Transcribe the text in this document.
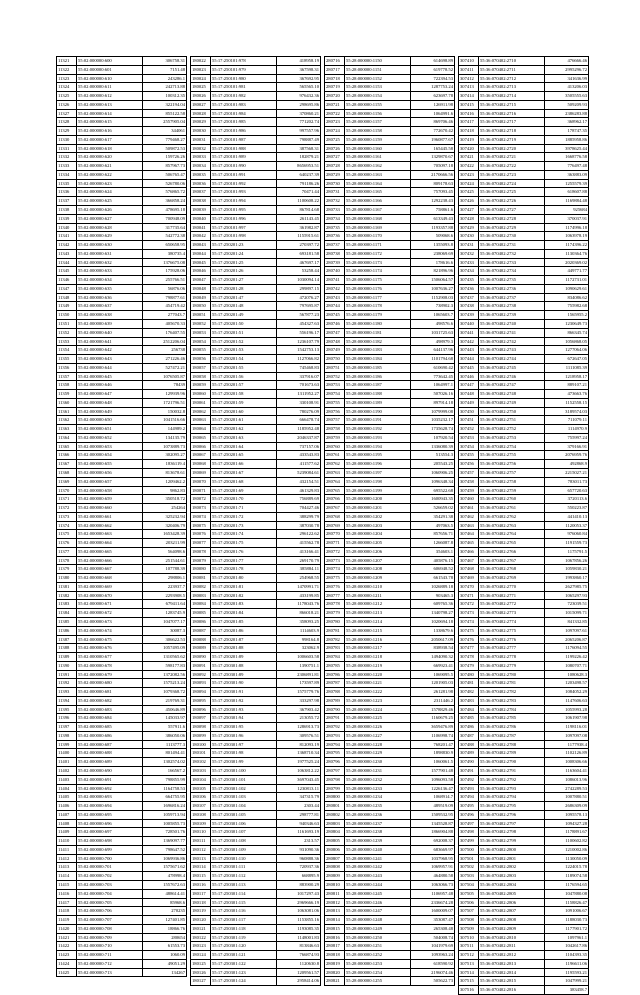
11321	55:02:000000:600	306758.31
11322	55:02:000000:601	7151.48
11323	55:02:000000:610	243286.1
11324	55:02:000000:611	242713.88
11325	55:02:000000:612	100312.35
11326	55:02:000000:613	322194.04
11327	55:02:000000:614	855122.58
11328	55:02:000000:615	2557905.04
11329	55:02:000000:616	344061
11330	55:02:000000:617	779468.27
11331	55:02:000000:618	509872.53
11332	55:02:000000:620	159726.26
11333	55:02:000000:621	857967.73
11334	55:02:000000:622	506765.47
11335	55:02:000000:623	526780.06
11336	55:02:000000:624	576865.72
11337	55:02:000000:625	366858.24
11338	55:02:000000:626	478695.18
11339	55:02:000000:627	700948.09
11340	55:02:000000:628	317735.64
11341	55:02:000000:629	542772.38
11342	55:02:000000:630	650658.95
11343	55:02:000000:631	380735.4
11344	55:02:000000:632	1376675.08
11345	55:02:000000:633	175928.06
11346	55:02:000000:634	255766.51
11347	55:02:000000:635	56876.06
11348	55:02:000000:636	798877.61
11349	55:02:000000:637	454719.42
11350	55:02:000000:638	277043.7
11351	55:02:000000:639	405670.33
11352	55:02:000000:640	176407.55
11353	55:02:000000:641	2512206.04
11354	55:02:000000:642	256738
11355	55:02:000000:643	271226.46
11356	55:02:000000:644	527472.21
11357	55:02:000000:645	1076505.87
11358	55:02:000000:646	78439
11359	55:02:000000:647	129939.96
11360	55:02:000000:648	1721796.51
11361	55:02:000000:649	150032.8
11362	55:02:000000:650	1041516.66
11363	55:02:000000:651	144989.2
11364	55:02:000000:652	134135.79
11365	55:02:000000:653	1073889.73
11366	55:02:000000:654	302095.27
11367	55:02:000000:655	1836119.4
11368	55:02:000000:656	813678.61
11369	55:02:000000:657	1209462.2
11370	55:02:000000:658	9862.83
11371	55:02:000000:659	350518.72
11372	55:02:000000:660	254264
11373	55:02:000000:661	325232.94
11374	55:02:000000:662	320406.79
11375	55:02:000000:663	1653428.39
11376	55:02:000000:664	203211.99
11377	55:02:000000:665	564098.6
11378	55:02:000000:666	251544.61
11379	55:02:000000:667	107788.39
11380	55:02:000000:668	298806.1
11381	55:02:000000:669	223937.7
11382	55:02:000000:670	2293908.5
11383	55:02:000000:671	679411.64
11384	55:02:000000:672	1283745.9
11385	55:02:000000:673	1047077.17
11386	55:02:000000:674	30087.3
11387	55:02:000000:675	306622.53
11388	55:02:000000:676	1057495.09
11389	55:02:000000:677	1310565.62
11390	55:02:000000:678	598177.83
11391	55:02:000000:679	1372082.56
11392	55:02:000000:680	1575213.24
11393	55:02:000000:681	1079368.72
11394	55:02:000000:682	219769.31
11395	55:02:000000:683	450646.89
11396	55:02:000000:684	145033.97
11397	55:02:000000:685	557911.6
11398	55:02:000000:686	386050.06
11399	55:02:000000:687	1113777.3
11400	55:02:000000:688	801494.41
11401	55:02:000000:689	1302574.02
11402	55:02:000000:690	166567.2
11403	55:02:000000:691	798855.99
11404	55:02:000000:692	1164758.53
11405	55:02:000000:693	664755.95
11406	55:02:000000:694	1696816.24
11407	55:02:000000:695	1059713.94
11408	55:02:000000:696	1005855.73
11409	55:02:000000:697	728501.76
11410	55:02:000000:698	1369097.77
11411	55:02:000000:699	798647.52
11412	55:02:000000:700	1069936.86
11413	55:02:000000:701	1575671.62
11414	55:02:000000:702	478998.4
11415	55:02:000000:703	1557672.63
11416	55:02:000000:704	488614.41
11417	55:02:000000:705	85968.6
11418	55:02:000000:706	270235
11419	55:02:000000:707	127401.85
11420	55:02:000000:708	18866.76
11421	55:02:000000:709	280654
11422	55:02:000000:710	61553.73
11423	55:02:000000:711	1060.09
11424	55:02:000000:712	49051.29
11425	55:02:000000:713	134267
180022	55:17:250101:978	418958.19
180023	55:17:250101:979	367598.31
180024	55:17:250101:980	367692.95
180025	55:17:250101:981	565565.10
180026	55:17:250101:982	976432.36
180027	55:17:250101:983	298695.86
180028	55:17:250101:984	370860.21
180029	55:17:250101:985	771202.74
180030	55:17:250101:986	997557.96
180031	55:17:250101:987	798887.49
180032	55:17:250101:988	387568.31
180033	55:17:250101:989	182879.21
180034	55:17:250101:990	8656953.51
180035	55:17:250101:991	640237.39
180036	55:17:250101:992	791186.26
180037	55:17:250101:993	70471.44
180038	55:17:250101:994	1100608.22
180039	55:17:250101:995	867814.68
180040	55:17:250101:996	261143.45
180041	55:17:250101:997	361982.87
180042	55:17:250101:998	1155915.61
180043	55:17:250201:23	270397.72
180044	55:17:250201:24	693181.58
180045	55:17:250201:25	467697.17
180046	55:17:250201:26	53258.44
180047	55:17:250201:27	1030094.14
180048	55:17:250201:28	299897.15
180049	55:17:250201:47	472076.27
180050	55:17:250201:48	797695.87
180051	55:17:250201:49	567877.23
180052	55:17:250201:50	454327.63
180053	55:17:250201:51	556196.17
180054	55:17:250201:52	1236107.79
180055	55:17:250201:53	1542753.13
180056	55:17:250201:54	1127066.82
180057	55:17:250201:55	745468.83
180058	55:17:250201:56	337916.07
180059	55:17:250201:57	701673.63
180060	55:17:250201:58	1311952.27
180061	55:17:250201:59	330108.91
180062	55:17:250201:60	780276.09
180063	55:17:250201:61	666478.74
180064	55:17:250201:62	1185952.48
180065	55:17:250201:63	2046337.87
180066	55:17:250201:64	737157.06
180067	55:17:250201:65	433543.83
180068	55:17:250201:66	411577.62
180069	55:17:250201:67	5239084.61
180070	55:17:250201:68	432154.51
180071	55:17:250201:69	461329.83
180072	55:17:250201:70	756889.69
180073	55:17:250201:71	704427.46
180074	55:17:250201:72	388299.79
180075	55:17:250201:73	387030.78
180076	55:17:250201:74	296122.62
180077	55:17:250201:75	415562.78
180078	55:17:250201:76	413166.41
180079	55:17:250201:77	269170.79
180080	55:17:250201:78	385884.11
180081	55:17:250201:80	254968.55
180082	55:17:250201:81	1470991.71
180083	55:17:250201:82	433199.85
180084	55:17:250201:83	1178043.76
180085	55:17:250201:84	866018.21
180086	55:17:250201:85	358093.25
180087	55:17:250201:86	1114603.9
180088	55:17:250201:87	998164.8
180089	55:17:250201:88	323062.9
180090	55:17:250201:89	1006603.58
180091	55:17:250301:88	1390751.1
180092	55:17:250301:89	2306891.81
180093	55:17:250301:90	173597.89
180094	55:17:250301:91	1575779.76
180095	55:17:250301:92	333297.98
180096	55:17:250301:93	367903.42
180097	55:17:250301:94	213055.72
180098	55:17:250301:95	1286913.73
180099	55:17:250301:96	309576.51
180100	55:17:250301:97	812093.19
180101	55:17:250301:98	1368710.34
180102	55:17:250301:99	1977525.24
180103	55:17:250301:100	1063812.22
180104	55:17:250301:101	3697043.45
180105	55:17:250301:102	1230813.11
180106	55:17:250301:103	347315.79
180107	55:17:250301:104	2303.44
180108	55:17:250301:105	298777.81
180109	55:17:250301:106	940346.63
180110	55:17:250301:107	1161693.19
180111	55:17:250301:108	2313.57
180112	55:17:250301:109	931090.36
180113	55:17:250301:110	960888.36
180114	55:17:250301:111	720937.36
180115	55:17:250301:112	668895.9
180116	55:17:250301:113	883900.29
180117	55:17:250301:114	1017297.43
180118	55:17:250301:115	2969666.19
180119	55:17:250301:116	1063081.06
180120	55:17:250301:117	1153855.16
180121	55:17:250301:118	1193085.35
180122	55:17:250301:119	1148001.83
180123	55:17:250301:120	813846.63
180124	55:17:250301:121	766874.93
180125	55:17:250301:122	1120630.8
180126	55:17:250301:123	1209561.57
180127	55:17:250301:124	2958414.06
280716	55:28:000000:1150	614698.89
280717	55:28:000000:1151	619778.52
280718	55:28:000000:1152	722394.53
280719	55:28:000000:1153	1287753.24
280720	55:28:000000:1154	623697.78
280721	55:28:000000:1155	126911.98
280722	55:28:000000:1156	1064991.6
280723	55:28:000000:1157	869706.46
280724	55:28:000000:1158	772670.42
280725	55:28:000000:1159	1960877.67
280726	55:28:000000:1160	165445.58
280727	55:28:000000:1161	1329870.67
280728	55:28:000000:1162	705097.18
280729	55:28:000000:1163	2170666.56
280730	55:28:000000:1164	809178.63
280731	55:28:000000:1165	757093.45
280732	55:28:000000:1166	1292238.43
280733	55:28:000000:1167	758861.6
280734	55:28:000000:1168	613349.43
280735	55:28:000000:1169	1193357.88
280736	55:28:000000:1170	509068.6
280737	55:28:000000:1171	1355093.8
280738	55:28:000000:1172	238069.69
280739	55:28:000000:1173	178616.6
280740	55:28:000000:1174	821896.96
280741	55:28:000000:1175	1506064.57
280742	55:28:000000:1176	1007636.27
280743	55:28:000000:1177	1152908.03
280744	55:28:000000:1178	738902.3
280745	55:28:000000:1179	1065603.7
280746	55:28:000000:1180	498576.6
280747	55:28:000000:1181	1031725.63
280748	55:28:000000:1182	498979.3
280749	55:28:000000:1183	644137.96
280750	55:28:000000:1184	1101794.68
280751	55:28:000000:1185	610690.42
280752	55:28:000000:1186	773642.45
280753	55:28:000000:1187	1064997.1
280754	55:28:000000:1188	507026.16
280755	55:28:000000:1189	897914.18
280756	55:28:000000:1190	1079999.08
280757	55:28:000000:1191	1035232.17
280758	55:28:000000:1192	1735628.74
280759	55:28:000000:1193	107920.54
280760	55:28:000000:1194	1336080.39
280761	55:28:000000:1195	513554.3
280762	55:28:000000:1196	205543.25
280763	55:28:000000:1197	1060906.25
280764	55:28:000000:1198	1096348.34
280765	55:28:000000:1199	695522.68
280766	55:28:000000:1200	1600943.35
280767	55:28:000000:1201	526659.02
280768	55:28:000000:1202	354291.38
280769	55:28:000000:1203	497063.5
280770	55:28:000000:1204	857656.71
280771	55:28:000000:1205	1266087.8
280772	55:28:000000:1206	354603.1
280773	55:28:000000:1207	405876.15
280774	55:28:000000:1208	606948.52
280775	55:28:000000:1209	661543.78
280776	55:28:000000:1210	1026889.18
280777	55:28:000000:1211	903465.3
280778	55:28:000000:1212	609765.36
280779	55:28:000000:1213	1340798.27
280780	55:28:000000:1214	1020694.18
280781	55:28:000000:1215	1338679.6
280782	55:28:000000:1216	2050617.09
280783	55:28:000000:1217	838938.54
280784	55:28:000000:1218	1494090.32
280785	55:28:000000:1219	669923.41
280786	55:28:000000:1220	1069095.5
280787	55:28:000000:1221	1201905.03
280788	55:28:000000:1222	261281.98
280789	55:28:000000:1223	2311446.2
280790	55:28:000000:1224	1578829.46
280791	55:28:000000:1225	1160679.25
280792	55:28:000000:1226	3659476.89
280793	55:28:000000:1227	1106998.74
280794	55:28:000000:1228	768201.47
280795	55:28:000000:1229	1898830.9
280796	55:28:000000:1230	1060061.5
280797	55:28:000000:1231	1577901.48
280798	55:28:000000:1232	1096093.58
280799	55:28:000000:1233	1226136.47
280800	55:28:000000:1234	1068914.7
280801	55:28:000000:1235	489519.09
280802	55:28:000000:1236	1509532.95
280803	55:28:000000:1237	1345528.87
280804	55:28:000000:1238	1866904.88
280805	55:28:000000:1239	692008.37
280806	55:28:000000:1240	683669.97
280807	55:28:000000:1241	1037968.95
280808	55:28:000000:1242	1069957.91
280809	55:28:000000:1243	464880.58
280810	55:28:000000:1244	1063066.73
280811	55:28:000000:1245	1106957.48
280812	55:28:000000:1246	2336674.28
280813	55:28:000000:1247	1600009.07
280814	55:28:000000:1248	353087.47
280815	55:28:000000:1249	265308.48
280816	55:28:000000:1250	504008.74
280817	55:28:000000:1251	1041979.69
280818	55:28:000000:1252	1093963.24
280819	55:28:000000:1253	618590.92
280820	55:28:000000:1254	2196074.46
280821	55:28:000000:1255	505622.73
307410	55:36:070402:2710	476666.46
307411	55:36:070402:2711	2995296.72
307412	55:36:070402:2712	341636.99
307413	55:36:070402:2713	413206.03
307414	55:36:070402:2714	3505555.63
307415	55:36:070402:2715	509209.93
307416	55:36:070402:2716	2386283.88
307417	55:36:070402:2717	368962.17
307418	55:36:070402:2718	178747.35
307419	55:36:070402:2719	1885958.86
307420	55:36:070402:2720	3978625.44
307421	55:36:070402:2721	1668776.58
307422	55:36:070402:2722	776497.48
307423	55:36:070402:2723	363883.09
307424	55:36:070402:2724	1255579.39
307425	55:36:070402:2725	618607.88
307426	55:36:070402:2726	1169884.48
307427	55:36:070402:2727	925684
307428	55:36:070402:2728	370037.91
307429	55:36:070402:2729	1174996.18
307430	55:36:070402:2730	1063978.19
307431	55:36:070402:2731	1174396.22
307432	55:36:070402:2732	1130364.76
307433	55:36:070402:2733	2020369.02
307434	55:36:070402:2734	449771.77
307435	55:36:070402:2735	1172731.01
307436	55:36:070402:2736	1090629.61
307437	55:36:070402:2737	834086.62
307438	55:36:070402:2738	755982.68
307439	55:36:070402:2739	1565955.2
307440	55:36:070402:2740	1230649.73
307441	55:36:070402:2741	866345.74
307442	55:36:070402:2742	1056868.05
307443	55:36:070402:2743	1277064.06
307444	55:36:070402:2744	672647.05
307445	55:36:070402:2745	1111085.39
307446	55:36:070402:2746	1218958.17
307447	55:36:070402:2747	889107.21
307448	55:36:070402:2748	473663.76
307449	55:36:070402:2749	1152558.15
307450	55:36:070402:2750	3189574.03
307451	55:36:070402:2751	711079.11
307452	55:36:070402:2752	1114970.9
307453	55:36:070402:2753	755997.24
307454	55:36:070402:2754	379166.91
307455	55:36:070402:2755	2076959.76
307456	55:36:070402:2756	492868.9
307457	55:36:070402:2757	2215027.21
307458	55:36:070402:2758	783011.73
307459	55:36:070402:2759	657720.63
307460	55:36:070402:2760	3720113.6
307461	55:36:070402:2761	550223.87
307462	55:36:070402:2762	441410.13
307463	55:36:070402:2763	1120053.37
307464	55:36:070402:2764	976060.84
307465	55:36:070402:2765	1191559.73
307466	55:36:070402:2766	1175791.5
307467	55:36:070402:2767	1067856.26
307468	55:36:070402:2768	1059830.21
307469	55:36:070402:2769	1993860.17
307470	55:36:070402:2770	2627985.75
307471	55:36:070402:2771	1065297.93
307472	55:36:070402:2772	723039.51
307473	55:36:070402:2773	1015099.71
307474	55:36:070402:2774	841332.85
307475	55:36:070402:2775	1097097.61
307476	55:36:070402:2776	2065206.87
307477	55:36:070402:2777	1176094.55
307478	55:36:070402:2778	1199226.42
307479	55:36:070402:2779	1080707.71
307480	55:36:070402:2780	1080628.3
307481	55:36:070402:2781	1203498.57
307482	55:36:070402:2782	1084052.29
307483	55:36:070402:2783	1147606.63
307484	55:36:070402:2784	1055993.28
307485	55:36:070402:2785	1061907.98
307486	55:36:070402:2786	1198116.01
307487	55:36:070402:2787	1097097.08
307488	55:36:070402:2788	1177938.4
307489	55:36:070402:2789	1102126.89
307490	55:36:070402:2790	1008306.66
307491	55:36:070402:2791	1163604.41
307492	55:36:070402:2792	1086013.96
307493	55:36:070402:2793	2742289.53
307494	55:36:070402:2794	1007880.51
307495	55:36:070402:2795	2686309.09
307496	55:36:070402:2796	1095578.13
307497	55:36:070402:2797	1094327.28
307498	55:36:070402:2798	1178891.67
307499	55:36:070402:2799	1100602.82
307500	55:36:070402:2800	1210002.86
307501	55:36:070402:2801	1130050.09
307502	55:36:070402:2802	1224015.78
307503	55:36:070402:2803	1189074.58
307504	55:36:070402:2804	1176594.65
307505	55:36:070402:2805	1047880.08
307506	55:36:070402:2806	1158826.47
307507	55:36:070402:2807	1091006.67
307508	55:36:070402:2808	1188030.73
307509	55:36:070402:2809	1177901.72
307510	55:36:070402:2810	1097961.1
307511	55:36:070402:2811	1042617.86
307512	55:36:070402:2812	1104393.35
307513	55:36:070402:2813	1196611.06
307514	55:36:070402:2814	1195593.21
307515	55:36:070402:2815	1047999.21
307516	55:36:070402:2816	383458.7
